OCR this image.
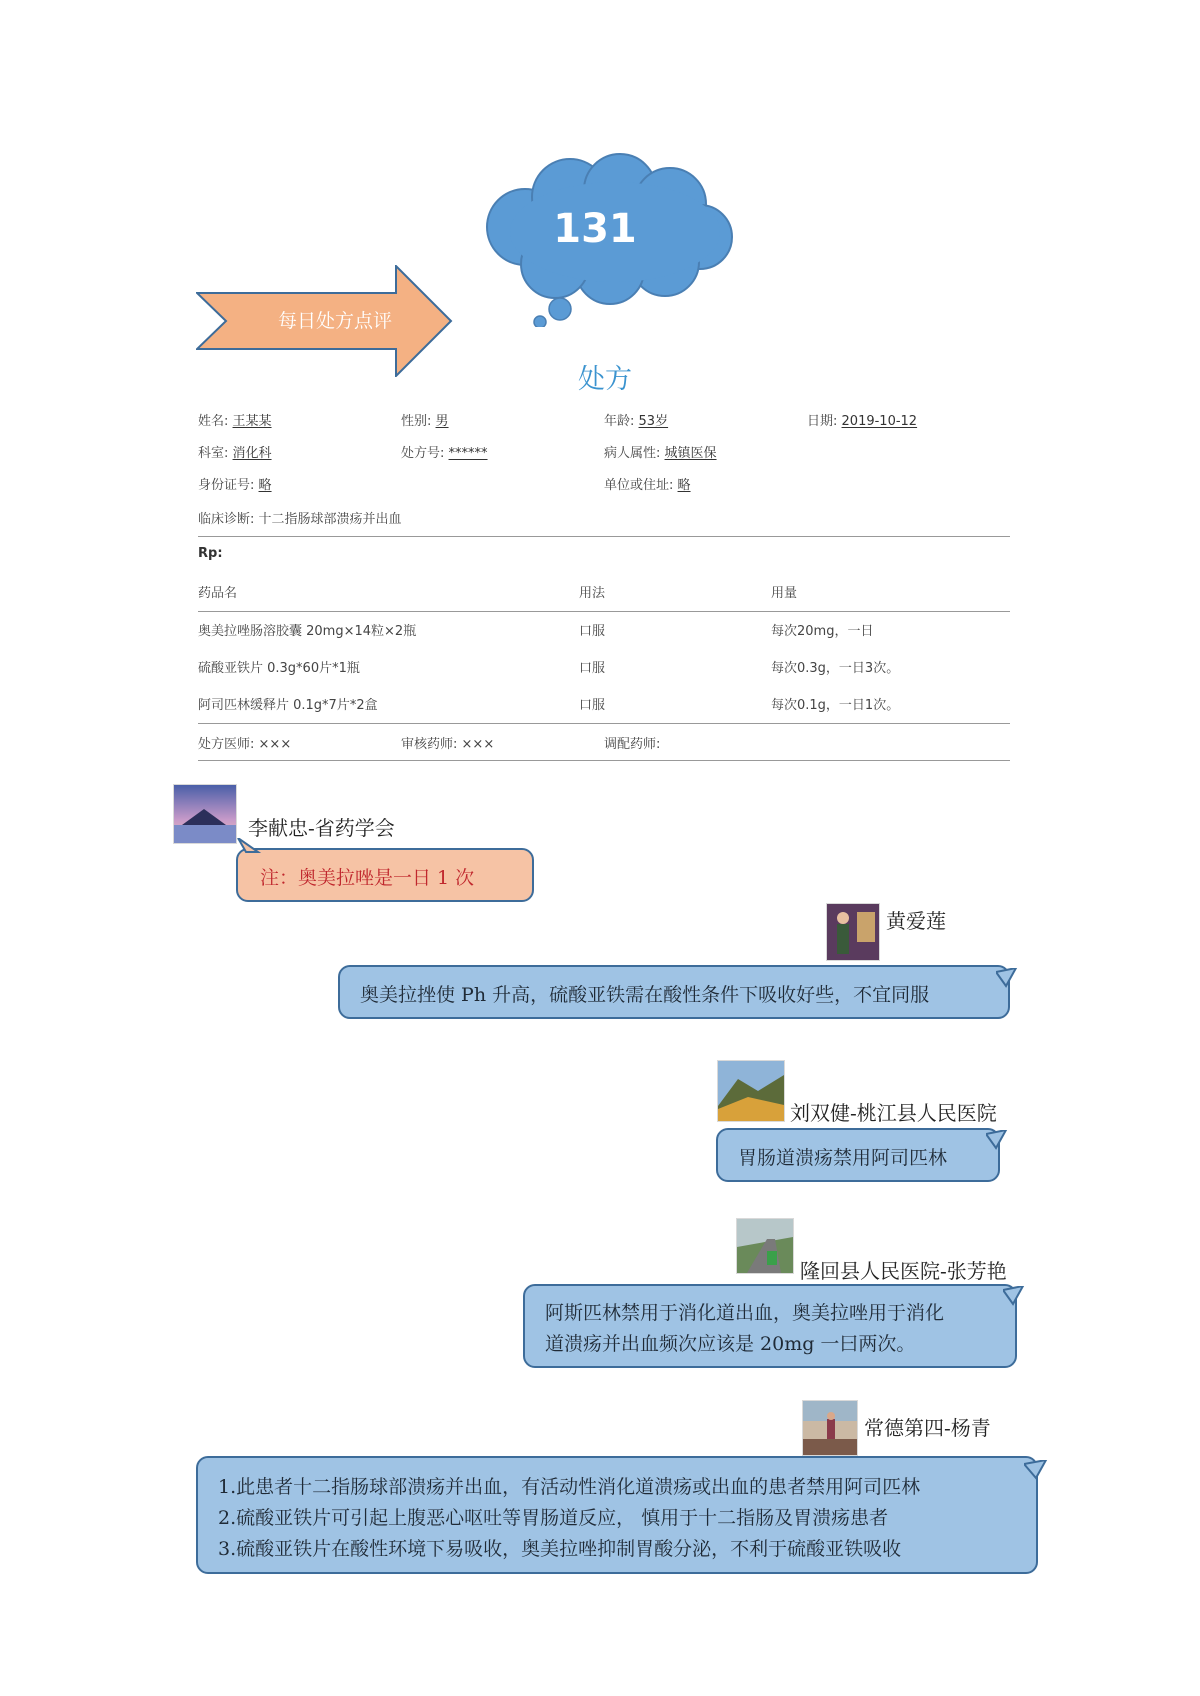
131
每日处方点评
处方
姓名: 王某某	性别: 男	年龄: 53岁	日期: 2019-10-12
科室: 消化科	处方号: ******	病人属性: 城镇医保
身份证号: 略	单位或住址: 略
临床诊断: 十二指肠球部溃疡并出血
Rp:
药品名	用法	用量
奥美拉唑肠溶胶囊 20mg×14粒×2瓶	口服	每次20mg，一日
硫酸亚铁片 0.3g*60片*1瓶	口服	每次0.3g，一日3次。
阿司匹林缓释片 0.1g*7片*2盒	口服	每次0.1g，一日1次。
处方医师: ×××	审核药师: ×××	调配药师:
李献忠-省药学会
注：奥美拉唑是一日 1 次
黄爱莲
奥美拉挫使 Ph 升高，硫酸亚铁需在酸性条件下吸收好些，不宜同服
刘双健-桃江县人民医院
胃肠道溃疡禁用阿司匹林
隆回县人民医院-张芳艳
阿斯匹林禁用于消化道出血，奥美拉唑用于消化
道溃疡并出血频次应该是 20mg 一曰两次。
常德第四-杨青
1.此患者十二指肠球部溃疡并出血，有活动性消化道溃疡或出血的患者禁用阿司匹林
2.硫酸亚铁片可引起上腹恶心呕吐等胃肠道反应， 慎用于十二指肠及胃溃疡患者
3.硫酸亚铁片在酸性环境下易吸收，奥美拉唑抑制胃酸分泌，不利于硫酸亚铁吸收
